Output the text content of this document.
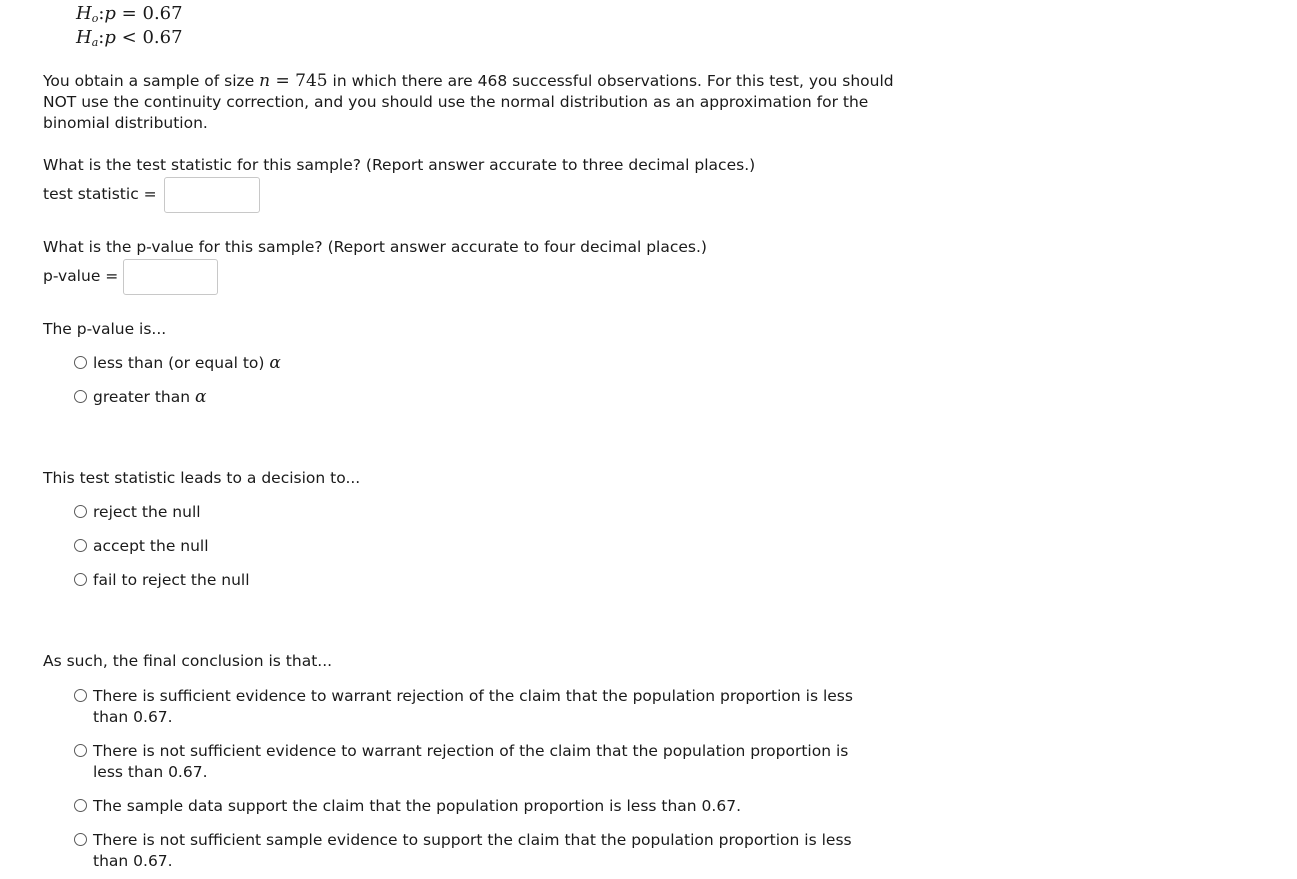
$H_o:p = 0.67$
$H_a:p < 0.67$
You obtain a sample of size n = 745 in which there are 468 successful observations. For this test, you should NOT use the continuity correction, and you should use the normal distribution as an approximation for the binomial distribution.
What is the test statistic for this sample? (Report answer accurate to three decimal places.)
test statistic =
What is the p-value for this sample? (Report answer accurate to four decimal places.)
p-value =
The p-value is...
less than (or equal to) α
greater than α
This test statistic leads to a decision to...
reject the null
accept the null
fail to reject the null
As such, the final conclusion is that...
There is sufficient evidence to warrant rejection of the claim that the population proportion is less
than 0.67.
There is not sufficient evidence to warrant rejection of the claim that the population proportion is
less than 0.67.
The sample data support the claim that the population proportion is less than 0.67.
There is not sufficient sample evidence to support the claim that the population proportion is less
than 0.67.
